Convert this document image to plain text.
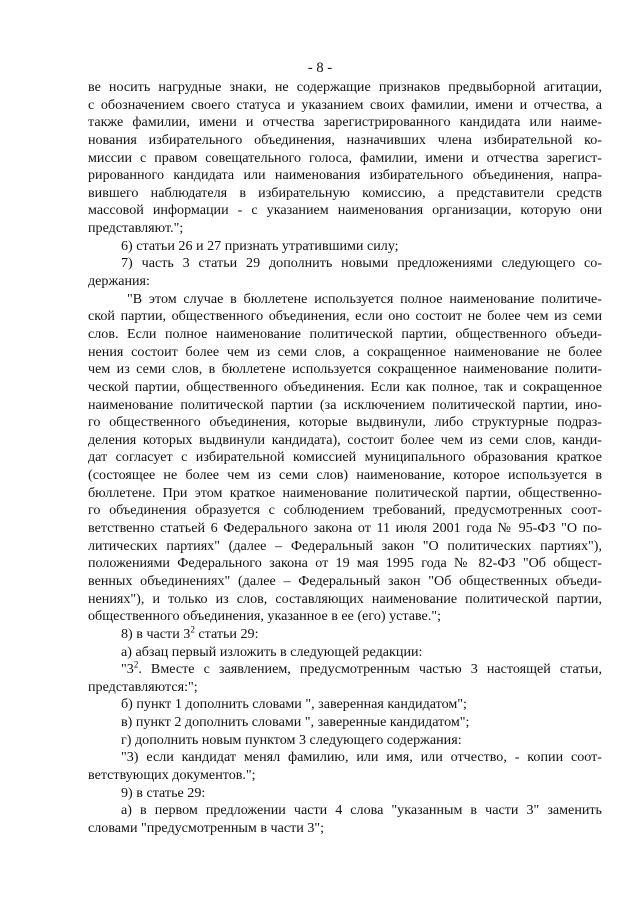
- 8 -
ве носить нагрудные знаки, не содержащие признаков предвыборной агитации,
с обозначением своего статуса и указанием своих фамилии, имени и отчества, а
также фамилии, имени и отчества зарегистрированного кандидата или наиме-
нования избирательного объединения, назначивших члена избирательной ко-
миссии с правом совещательного голоса, фамилии, имени и отчества зарегист-
рированного кандидата или наименования избирательного объединения, напра-
вившего наблюдателя в избирательную комиссию, а представители средств
массовой информации - с указанием наименования организации, которую они
представляют.";
6) статьи 26 и 27 признать утратившими силу;
7) часть 3 статьи 29 дополнить новыми предложениями следующего со-
держания:
"В этом случае в бюллетене используется полное наименование политиче-
ской партии, общественного объединения, если оно состоит не более чем из семи
слов. Если полное наименование политической партии, общественного объеди-
нения состоит более чем из семи слов, а сокращенное наименование не более
чем из семи слов, в бюллетене используется сокращенное наименование полити-
ческой партии, общественного объединения. Если как полное, так и сокращенное
наименование политической партии (за исключением политической партии, ино-
го общественного объединения, которые выдвинули, либо структурные подраз-
деления которых выдвинули кандидата), состоит более чем из семи слов, канди-
дат согласует с избирательной комиссией муниципального образования краткое
(состоящее не более чем из семи слов) наименование, которое используется в
бюллетене. При этом краткое наименование политической партии, общественно-
го объединения образуется с соблюдением требований, предусмотренных соот-
ветственно статьей 6 Федерального закона от 11 июля 2001 года № 95-ФЗ "О по-
литических партиях" (далее – Федеральный закон "О политических партиях"),
положениями Федерального закона от 19 мая 1995 года № 82-ФЗ "Об общест-
венных объединениях" (далее – Федеральный закон "Об общественных объеди-
нениях"), и только из слов, составляющих наименование политической партии,
общественного объединения, указанное в ее (его) уставе.";
8) в части $3^2$ статьи 29:
а) абзац первый изложить в следующей редакции:
"$3^2$. Вместе с заявлением, предусмотренным частью 3 настоящей статьи,
представляются:";
б) пункт 1 дополнить словами ", заверенная кандидатом";
в) пункт 2 дополнить словами ", заверенные кандидатом";
г) дополнить новым пунктом 3 следующего содержания:
"3) если кандидат менял фамилию, или имя, или отчество, - копии соот-
ветствующих документов.";
9) в статье 29:
а) в первом предложении части 4 слова "указанным в части 3" заменить
словами "предусмотренным в части 3";
